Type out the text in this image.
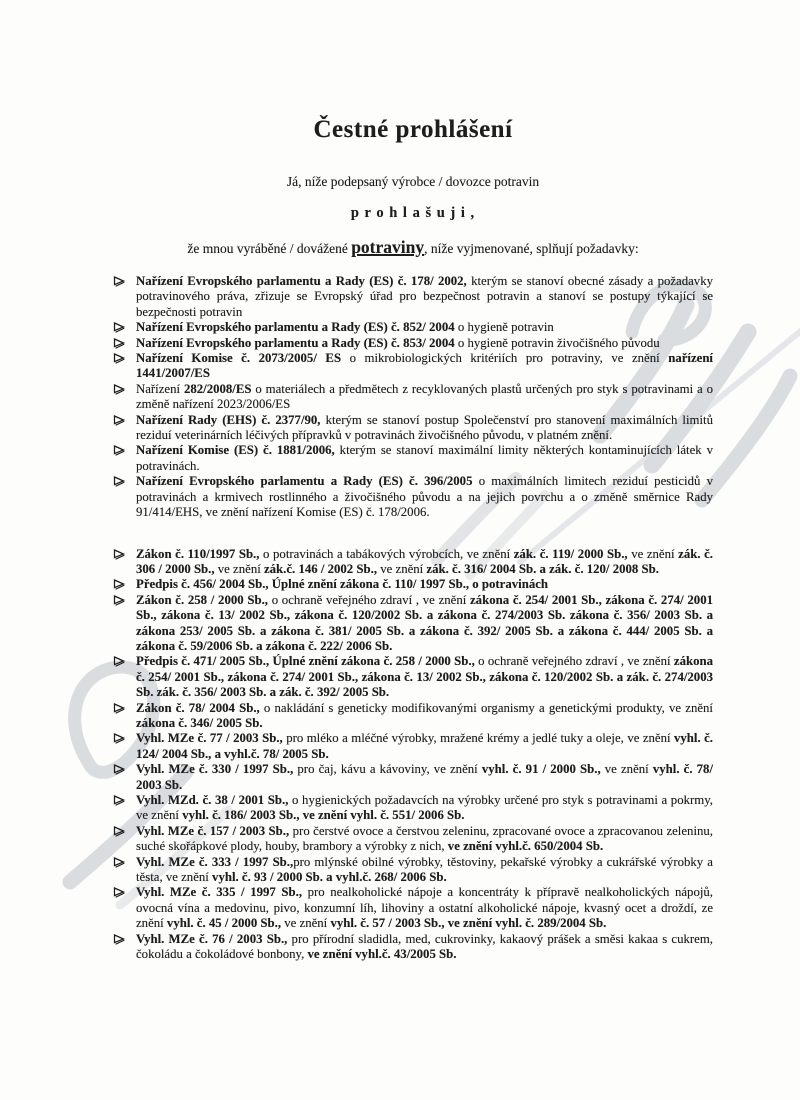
Čestné prohlášení
Já, níže podepsaný výrobce / dovozce potravin
p r o h l a š u j i ,
že mnou vyráběné / dovážené potraviny, níže vyjmenované, splňují požadavky:
Nařízení Evropského parlamentu a Rady (ES) č. 178/ 2002, kterým se stanoví obecné zásady a požadavky potravinového práva, zřizuje se Evropský úřad pro bezpečnost potravin a stanoví se postupy týkající se bezpečnosti potravin
Nařízení Evropského parlamentu a Rady (ES) č. 852/ 2004 o hygieně potravin
Nařízení Evropského parlamentu a Rady (ES) č. 853/ 2004 o hygieně potravin živočišného původu
Nařízení Komise č. 2073/2005/ ES o mikrobiologických kritériích pro potraviny, ve znění nařízení 1441/2007/ES
Nařízení 282/2008/ES o materiálech a předmětech z recyklovaných plastů určených pro styk s potravinami a o změně nařízení 2023/2006/ES
Nařízení Rady (EHS) č. 2377/90, kterým se stanoví postup Společenství pro stanovení maximálních limitů reziduí veterinárních léčivých přípravků v potravinách živočišného původu, v platném znění.
Nařízení Komise (ES) č. 1881/2006, kterým se stanoví maximální limity některých kontaminujících látek v potravinách.
Nařízení Evropského parlamentu a Rady (ES) č. 396/2005 o maximálních limitech reziduí pesticidů v potravinách a krmivech rostlinného a živočišného původu a na jejich povrchu a o změně směrnice Rady 91/414/EHS, ve znění nařízení Komise (ES) č. 178/2006.
Zákon č. 110/1997 Sb., o potravinách a tabákových výrobcích, ve znění zák. č. 119/ 2000 Sb., ve znění zák. č. 306 / 2000 Sb., ve znění zák.č. 146 / 2002 Sb., ve znění zák. č. 316/ 2004 Sb. a zák. č. 120/ 2008 Sb.
Předpis č. 456/ 2004 Sb., Úplné znění zákona č. 110/ 1997 Sb., o potravinách
Zákon č. 258 / 2000 Sb., o ochraně veřejného zdraví , ve znění zákona č. 254/ 2001 Sb., zákona č. 274/ 2001 Sb., zákona č. 13/ 2002 Sb., zákona č. 120/2002 Sb. a zákona č. 274/2003 Sb. zákona č. 356/ 2003 Sb. a zákona 253/ 2005 Sb. a zákona č. 381/ 2005 Sb. a zákona č. 392/ 2005 Sb. a zákona č. 444/ 2005 Sb. a zákona č. 59/2006 Sb. a zákona č. 222/ 2006 Sb.
Předpis č. 471/ 2005 Sb., Úplné znění zákona č. 258 / 2000 Sb., o ochraně veřejného zdraví , ve znění zákona č. 254/ 2001 Sb., zákona č. 274/ 2001 Sb., zákona č. 13/ 2002 Sb., zákona č. 120/2002 Sb. a zák. č. 274/2003 Sb. zák. č. 356/ 2003 Sb. a zák. č. 392/ 2005 Sb.
Zákon č. 78/ 2004 Sb., o nakládání s geneticky modifikovanými organismy a genetickými produkty, ve znění zákona č. 346/ 2005 Sb.
Vyhl. MZe č. 77 / 2003 Sb., pro mléko a mléčné výrobky, mražené krémy a jedlé tuky a oleje, ve znění vyhl. č. 124/ 2004 Sb., a vyhl.č. 78/ 2005 Sb.
Vyhl. MZe č. 330 / 1997 Sb., pro čaj, kávu a kávoviny, ve znění vyhl. č. 91 / 2000 Sb., ve znění vyhl. č. 78/ 2003 Sb.
Vyhl. MZd. č. 38 / 2001 Sb., o hygienických požadavcích na výrobky určené pro styk s potravinami a pokrmy, ve znění vyhl. č. 186/ 2003 Sb., ve znění vyhl. č. 551/ 2006 Sb.
Vyhl. MZe č. 157 / 2003 Sb., pro čerstvé ovoce a čerstvou zeleninu, zpracované ovoce a zpracovanou zeleninu, suché skořápkové plody, houby, brambory a výrobky z nich, ve znění vyhl.č. 650/2004 Sb.
Vyhl. MZe č. 333 / 1997 Sb.,pro mlýnské obilné výrobky, těstoviny, pekařské výrobky a cukrářské výrobky a těsta, ve znění vyhl. č. 93 / 2000 Sb. a vyhl.č. 268/ 2006 Sb.
Vyhl. MZe č. 335 / 1997 Sb., pro nealkoholické nápoje a koncentráty k přípravě nealkoholických nápojů, ovocná vína a medovinu, pivo, konzumní líh, lihoviny a ostatní alkoholické nápoje, kvasný ocet a droždí, ze znění vyhl. č. 45 / 2000 Sb., ve znění vyhl. č. 57 / 2003 Sb., ve znění vyhl. č. 289/2004 Sb.
Vyhl. MZe č. 76 / 2003 Sb., pro přírodní sladidla, med, cukrovinky, kakaový prášek a směsi kakaa s cukrem, čokoládu a čokoládové bonbony, ve znění vyhl.č. 43/2005 Sb.
